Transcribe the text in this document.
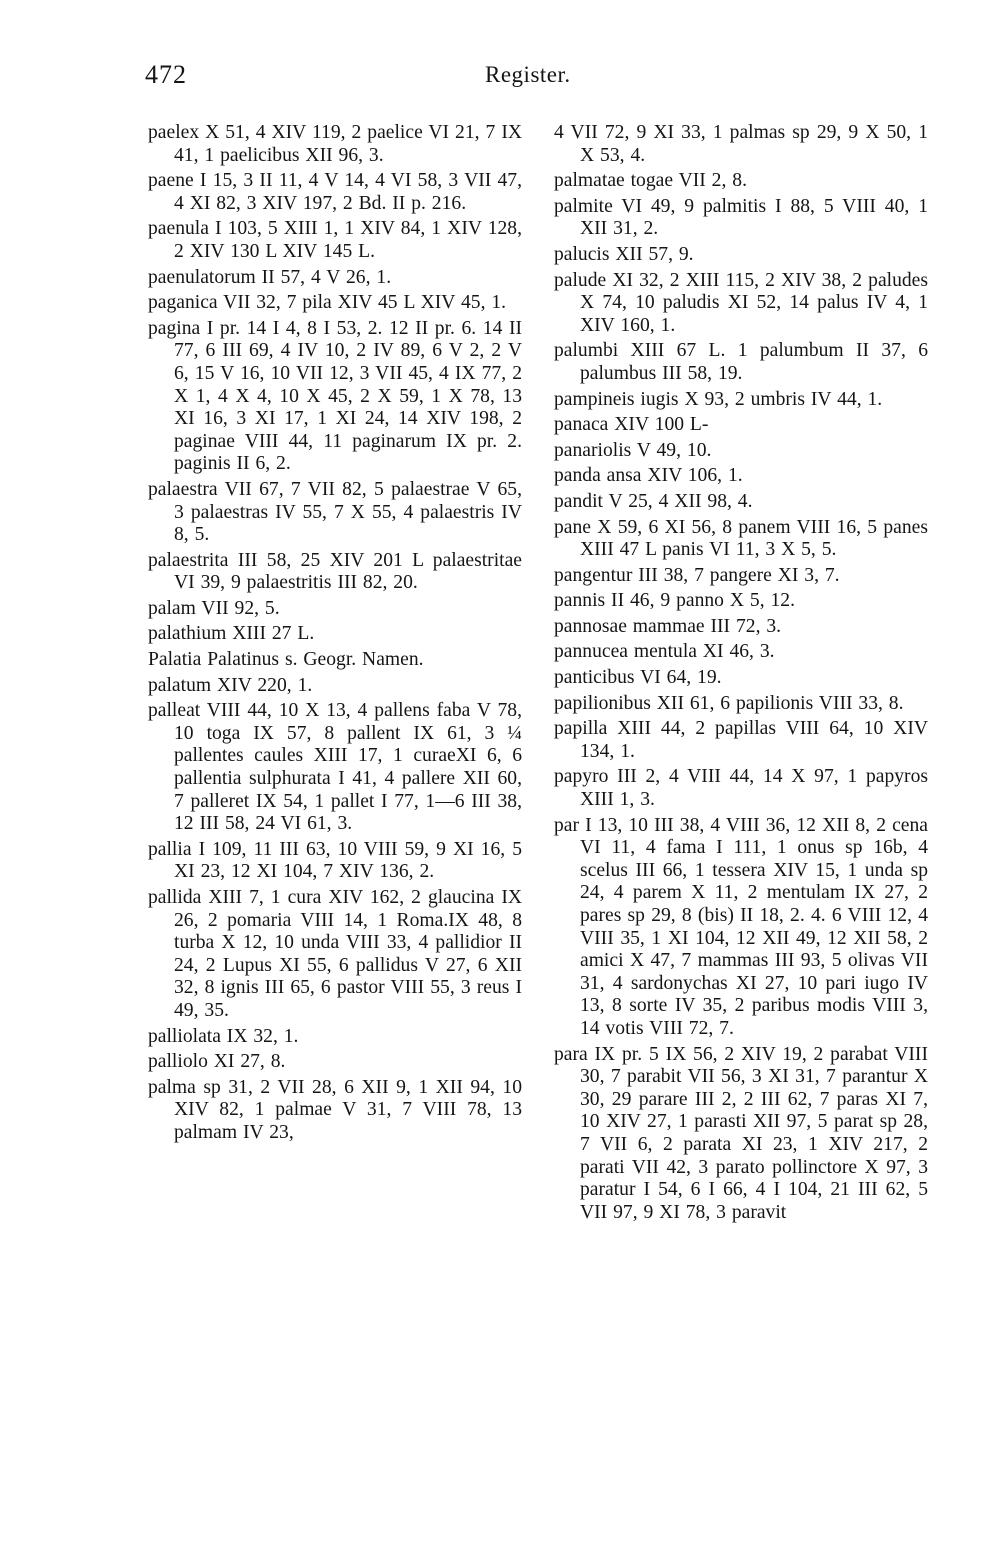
472	Register.

paelex X 51, 4 XIV 119, 2 paelice VI 21, 7 IX 41, 1 paelicibus XII 96, 3.

paene I 15, 3 II 11, 4 V 14, 4 VI 58, 3 VII 47, 4 XI 82, 3 XIV 197, 2 Bd. II p. 216.

paenula I 103, 5 XIII 1, 1 XIV 84, 1 XIV 128, 2 XIV 130 L XIV 145 L.

paenulatorum II 57, 4 V 26, 1.

paganica VII 32, 7 pila XIV 45 L XIV 45, 1.

pagina I pr. 14 I 4, 8 I 53, 2. 12 II pr. 6. 14 II 77, 6 III 69, 4 IV 10, 2 IV 89, 6 V 2, 2 V 6, 15 V 16, 10 VII 12, 3 VII 45, 4 IX 77, 2 X 1, 4 X 4, 10 X 45, 2 X 59, 1 X 78, 13 XI 16, 3 XI 17, 1 XI 24, 14 XIV 198, 2 paginae VIII 44, 11 paginarum IX pr. 2. paginis II 6, 2.

palaestra VII 67, 7 VII 82, 5 palaestrae V 65, 3 palaestras IV 55, 7 X 55, 4 palaestris IV 8, 5.

palaestrita III 58, 25 XIV 201 L palaestritae VI 39, 9 palaestritis III 82, 20.

palam VII 92, 5.

palathium XIII 27 L.

Palatia Palatinus s. Geogr. Namen.

palatum XIV 220, 1.

palleat VIII 44, 10 X 13, 4 pallens faba V 78, 10 toga IX 57, 8 pallent IX 61, 3 ¼ pallentes caules XIII 17, 1 curaeXI 6, 6 pallentia sulphurata I 41, 4 pallere XII 60, 7 palleret IX 54, 1 pallet I 77, 1—6 III 38, 12 III 58, 24 VI 61, 3.

pallia I 109, 11 III 63, 10 VIII 59, 9 XI 16, 5 XI 23, 12 XI 104, 7 XIV 136, 2.

pallida XIII 7, 1 cura XIV 162, 2 glaucina IX 26, 2 pomaria VIII 14, 1 Roma.IX 48, 8 turba X 12, 10 unda VIII 33, 4 pallidior II 24, 2 Lupus XI 55, 6 pallidus V 27, 6 XII 32, 8 ignis III 65, 6 pastor VIII 55, 3 reus I 49, 35.

palliolata IX 32, 1.

palliolo XI 27, 8.

palma sp 31, 2 VII 28, 6 XII 9, 1 XII 94, 10 XIV 82, 1 palmae V 31, 7 VIII 78, 13 palmam IV 23,

4 VII 72, 9 XI 33, 1 palmas sp 29, 9 X 50, 1 X 53, 4.

palmatae togae VII 2, 8.

palmite VI 49, 9 palmitis I 88, 5 VIII 40, 1 XII 31, 2.

palucis XII 57, 9.

palude XI 32, 2 XIII 115, 2 XIV 38, 2 paludes X 74, 10 paludis XI 52, 14 palus IV 4, 1 XIV 160, 1.

palumbi XIII 67 L. 1 palumbum II 37, 6 palumbus III 58, 19.

pampineis iugis X 93, 2 umbris IV 44, 1.

panaca XIV 100 L-

panariolis V 49, 10.

panda ansa XIV 106, 1.

pandit V 25, 4 XII 98, 4.

pane X 59, 6 XI 56, 8 panem VIII 16, 5 panes XIII 47 L panis VI 11, 3 X 5, 5.

pangentur III 38, 7 pangere XI 3, 7.

pannis II 46, 9 panno X 5, 12.

pannosae mammae III 72, 3.

pannucea mentula XI 46, 3.

panticibus VI 64, 19.

papilionibus XII 61, 6 papilionis VIII 33, 8.

papilla XIII 44, 2 papillas VIII 64, 10 XIV 134, 1.

papyro III 2, 4 VIII 44, 14 X 97, 1 papyros XIII 1, 3.

par I 13, 10 III 38, 4 VIII 36, 12 XII 8, 2 cena VI 11, 4 fama I 111, 1 onus sp 16b, 4 scelus III 66, 1 tessera XIV 15, 1 unda sp 24, 4 parem X 11, 2 mentulam IX 27, 2 pares sp 29, 8 (bis) II 18, 2. 4. 6 VIII 12, 4 VIII 35, 1 XI 104, 12 XII 49, 12 XII 58, 2 amici X 47, 7 mammas III 93, 5 olivas VII 31, 4 sardonychas XI 27, 10 pari iugo IV 13, 8 sorte IV 35, 2 paribus modis VIII 3, 14 votis VIII 72, 7.

para IX pr. 5 IX 56, 2 XIV 19, 2 parabat VIII 30, 7 parabit VII 56, 3 XI 31, 7 parantur X 30, 29 parare III 2, 2 III 62, 7 paras XI 7, 10 XIV 27, 1 parasti XII 97, 5 parat sp 28, 7 VII 6, 2 parata XI 23, 1 XIV 217, 2 parati VII 42, 3 parato pollinctore X 97, 3 paratur I 54, 6 I 66, 4 I 104, 21 III 62, 5 VII 97, 9 XI 78, 3 paravit
